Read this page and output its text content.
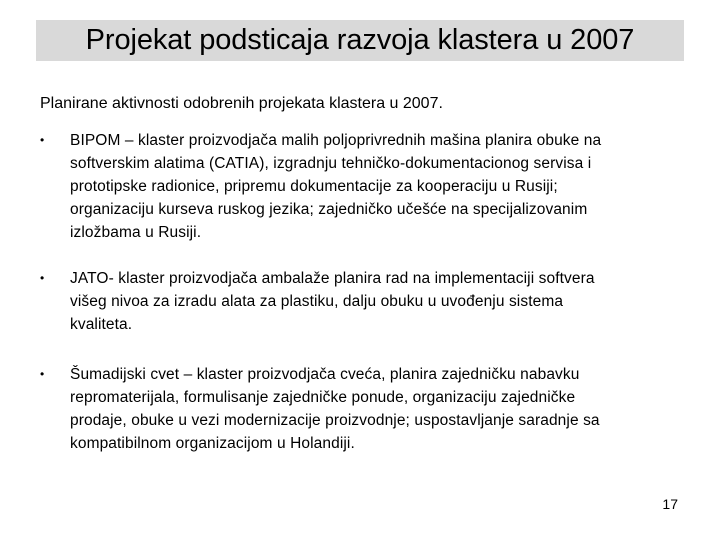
Projekat podsticaja razvoja klastera u 2007
Planirane aktivnosti odobrenih projekata klastera u 2007.
• BIPOM – klaster proizvodjača malih poljoprivrednih mašina planira obuke na
softverskim alatima (CATIA), izgradnju tehničko-dokumentacionog servisa i
prototipske radionice, pripremu dokumentacije za kooperaciju u Rusiji;
organizaciju kurseva ruskog jezika; zajedničko učešće na specijalizovanim
izložbama u Rusiji.
• JATO- klaster proizvodjača ambalaže planira rad na implementaciji softvera
višeg nivoa za izradu alata za plastiku, dalju obuku u uvođenju sistema
kvaliteta.
• Šumadijski cvet – klaster proizvodjača cveća, planira zajedničku nabavku
repromaterijala, formulisanje zajedničke ponude, organizaciju zajedničke
prodaje, obuke u vezi modernizacije proizvodnje; uspostavljanje saradnje sa
kompatibilnom organizacijom u Holandiji.
17
